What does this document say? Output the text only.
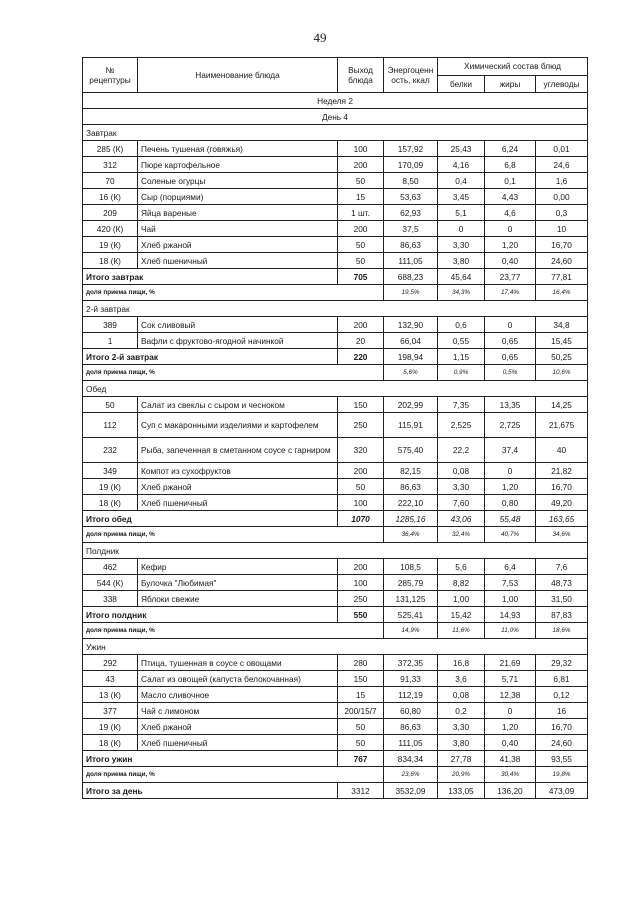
49
№ рецептуры	Наименование блюда	Выход блюда	Энергоценн ость, ккал	Химический состав блюд		
				белки	жиры	углеводы
Неделя 2						
День 4						
Завтрак						
285 (К)	Печень тушеная (говяжья)	100	157,92	25,43	6,24	0,01
312	Пюре картофельное	200	170,09	4,16	6,8	24,6
70	Соленые огурцы	50	8,50	0,4	0,1	1,6
16 (К)	Сыр (порциями)	15	53,63	3,45	4,43	0,00
209	Яйца вареные	1 шт.	62,93	5,1	4,6	0,3
420 (К)	Чай	200	37,5	0	0	10
19 (К)	Хлеб ржаной	50	86,63	3,30	1,20	16,70
18 (К)	Хлеб пшеничный	50	111,05	3,80	0,40	24,60
Итого завтрак		705	688,23	45,64	23,77	77,81
доля приема пищи, %			19,5%	34,3%	17,4%	16,4%
2-й завтрак						
389	Сок сливовый	200	132,90	0,6	0	34,8
1	Вафли с фруктово-ягодной начинкой	20	66,04	0,55	0,65	15,45
Итого 2-й завтрак		220	198,94	1,15	0,65	50,25
доля приема пищи, %			5,6%	0,9%	0,5%	10,6%
Обед						
50	Салат из свеклы с сыром и чесноком	150	202,99	7,35	13,35	14,25
112	Суп с макаронными изделиями и картофелем	250	115,91	2,525	2,725	21,675
232	Рыба, запеченная в сметанном соусе с гарниром	320	575,40	22,2	37,4	40
349	Компот из сухофруктов	200	82,15	0,08	0	21,82
19 (К)	Хлеб ржаной	50	86,63	3,30	1,20	16,70
18 (К)	Хлеб пшеничный	100	222,10	7,60	0,80	49,20
Итого обед		1070	1285,16	43,06	55,48	163,65
доля приема пищи, %			36,4%	32,4%	40,7%	34,6%
Полдник						
462	Кефир	200	108,5	5,6	6,4	7,6
544 (К)	Булочка "Любимая"	100	285,79	8,82	7,53	48,73
338	Яблоки свежие	250	131,125	1,00	1,00	31,50
Итого полдник		550	525,41	15,42	14,93	87,83
доля приема пищи, %			14,9%	11,6%	11,0%	18,6%
Ужин						
292	Птица, тушенная в соусе с овощами	280	372,35	16,8	21,69	29,32
43	Салат из овощей (капуста белокочанная)	150	91,33	3,6	5,71	6,81
13 (К)	Масло сливочное	15	112,19	0,08	12,38	0,12
377	Чай с лимоном	200/15/7	60,80	0,2	0	16
19 (К)	Хлеб ржаной	50	86,63	3,30	1,20	16,70
18 (К)	Хлеб пшеничный	50	111,05	3,80	0,40	24,60
Итого ужин		767	834,34	27,78	41,38	93,55
доля приема пищи, %			23,6%	20,9%	30,4%	19,8%
Итого за день		3312	3532,09	133,05	136,20	473,09
